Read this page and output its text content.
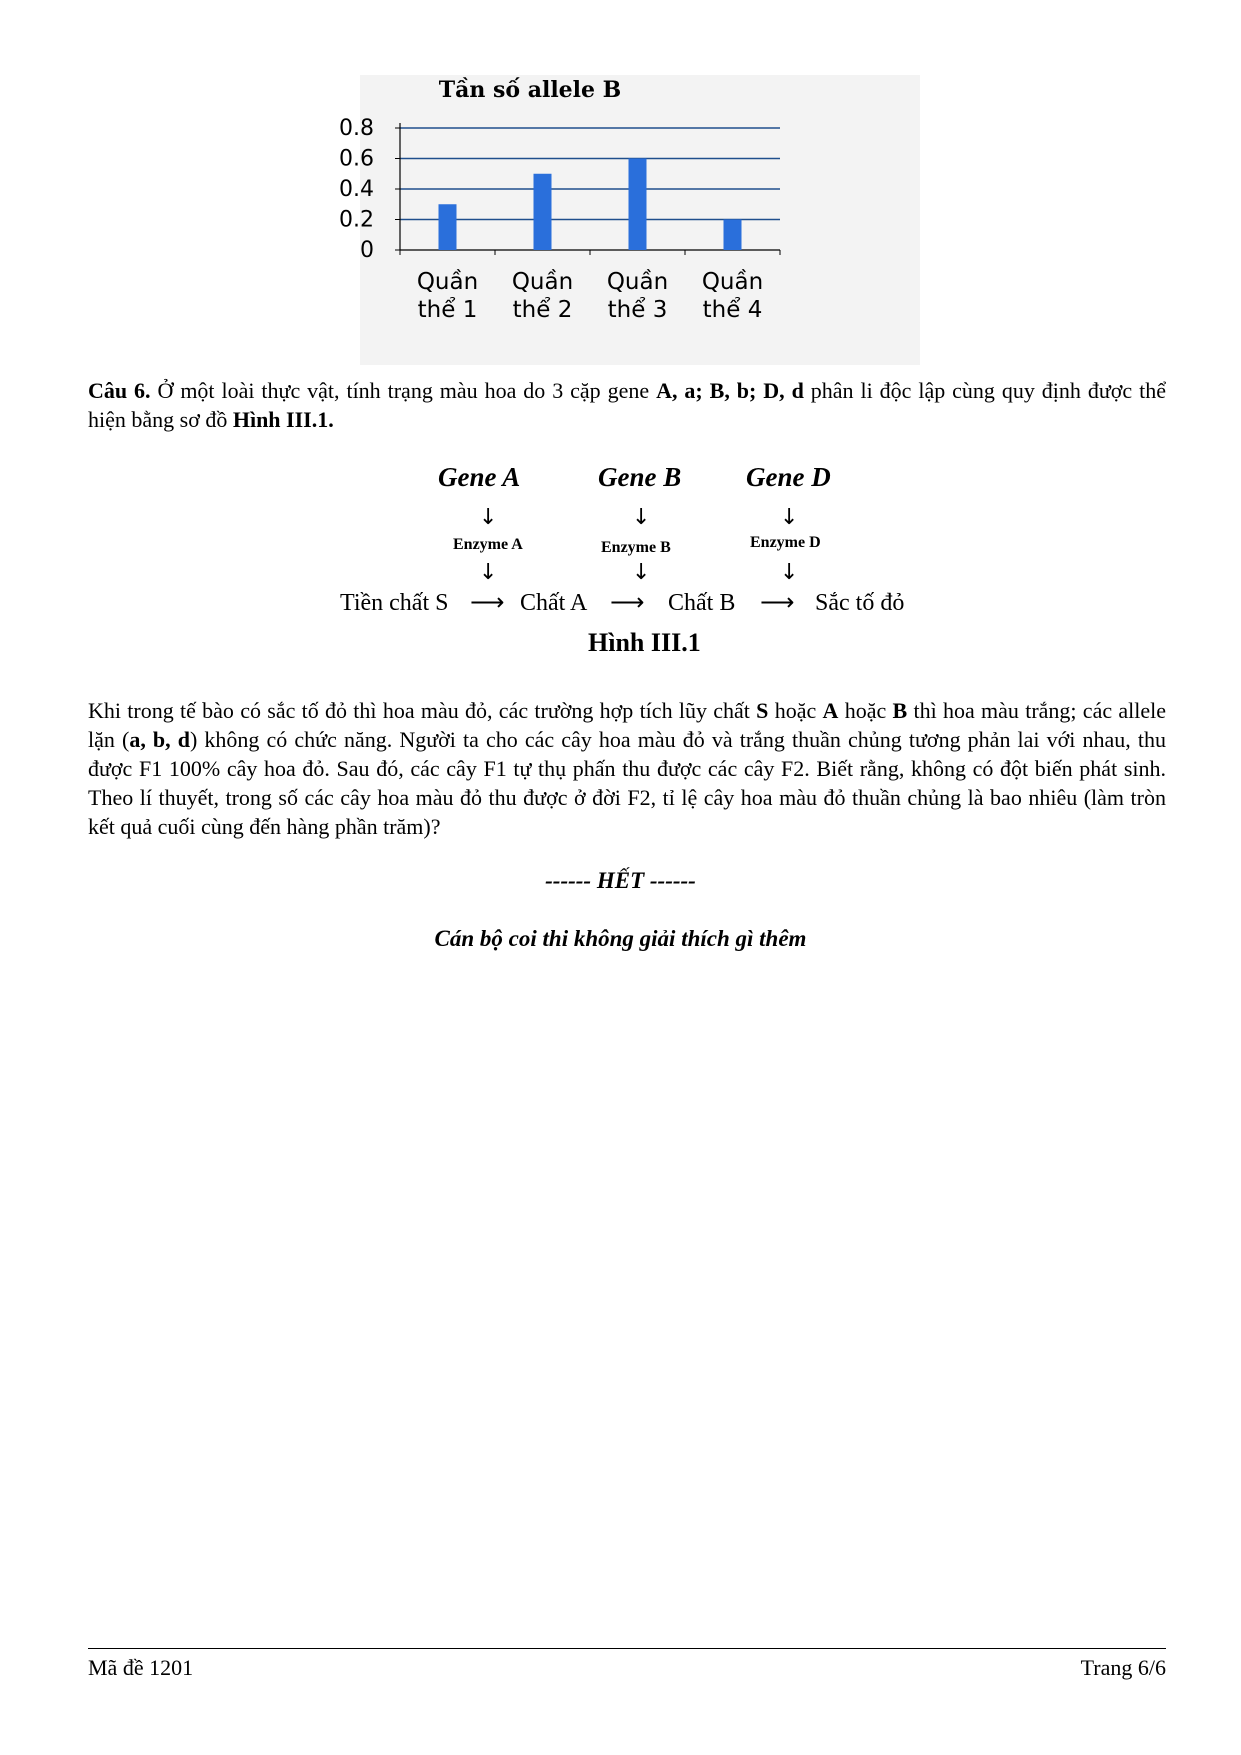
Tần số allele B
0
0.2
0.4
0.6
0.8
Quần
thể 1
Quần
thể 2
Quần
thể 3
Quần
thể 4
Câu 6. Ở một loài thực vật, tính trạng màu hoa do 3 cặp gene A, a; B, b; D, d phân li độc lập cùng quy định được thể hiện bằng sơ đồ Hình III.1.
Gene A	Gene B Gene D
↓	↓	↓
Enzyme A	Enzyme B	Enzyme D
↓	↓	↓
Tiền chất S ⟶ Chất A ⟶ Chất B ⟶ Sắc tố đỏ
Hình III.1
Khi trong tế bào có sắc tố đỏ thì hoa màu đỏ, các trường hợp tích lũy chất S hoặc A hoặc B thì hoa màu trắng; các allele lặn (a, b, d) không có chức năng. Người ta cho các cây hoa màu đỏ và trắng thuần chủng tương phản lai với nhau, thu được F1 100% cây hoa đỏ. Sau đó, các cây F1 tự thụ phấn thu được các cây F2. Biết rằng, không có đột biến phát sinh. Theo lí thuyết, trong số các cây hoa màu đỏ thu được ở đời F2, tỉ lệ cây hoa màu đỏ thuần chủng là bao nhiêu (làm tròn kết quả cuối cùng đến hàng phần trăm)?
------ HẾT ------
Cán bộ coi thi không giải thích gì thêm
Mã đề 1201	Trang 6/6
